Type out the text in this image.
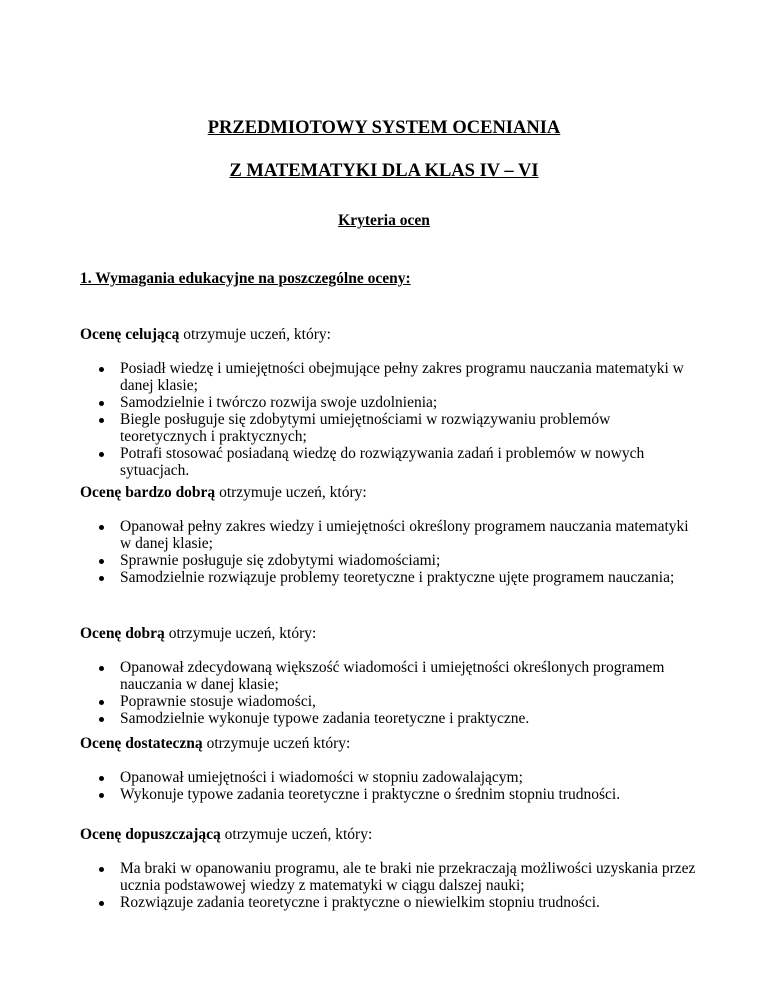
PRZEDMIOTOWY SYSTEM OCENIANIA
Z MATEMATYKI DLA KLAS IV – VI
Kryteria ocen
1. Wymagania edukacyjne na poszczególne oceny:

Ocenę celującą otrzymuje uczeń, który:

Posiadł wiedzę i umiejętności obejmujące pełny zakres programu nauczania matematyki w danej klasie;
Samodzielnie i twórczo rozwija swoje uzdolnienia;
Biegle posługuje się zdobytymi umiejętnościami w rozwiązywaniu problemów teoretycznych i praktycznych;
Potrafi stosować posiadaną wiedzę do rozwiązywania zadań i problemów w nowych sytuacjach.

Ocenę bardzo dobrą otrzymuje uczeń, który:

Opanował pełny zakres wiedzy i umiejętności określony programem nauczania matematyki w danej klasie;
Sprawnie posługuje się zdobytymi wiadomościami;
Samodzielnie rozwiązuje problemy teoretyczne i praktyczne ujęte programem nauczania;

Ocenę dobrą otrzymuje uczeń, który:

Opanował zdecydowaną większość wiadomości i umiejętności określonych programem nauczania w danej klasie;
Poprawnie stosuje wiadomości,
Samodzielnie wykonuje typowe zadania teoretyczne i praktyczne.

Ocenę dostateczną otrzymuje uczeń który:

Opanował umiejętności i wiadomości w stopniu zadowalającym;
Wykonuje typowe zadania teoretyczne i praktyczne o średnim stopniu trudności.

Ocenę dopuszczającą otrzymuje uczeń, który:

Ma braki w opanowaniu programu, ale te braki nie przekraczają możliwości uzyskania przez ucznia podstawowej wiedzy z matematyki w ciągu dalszej nauki;
Rozwiązuje zadania teoretyczne i praktyczne o niewielkim stopniu trudności.
